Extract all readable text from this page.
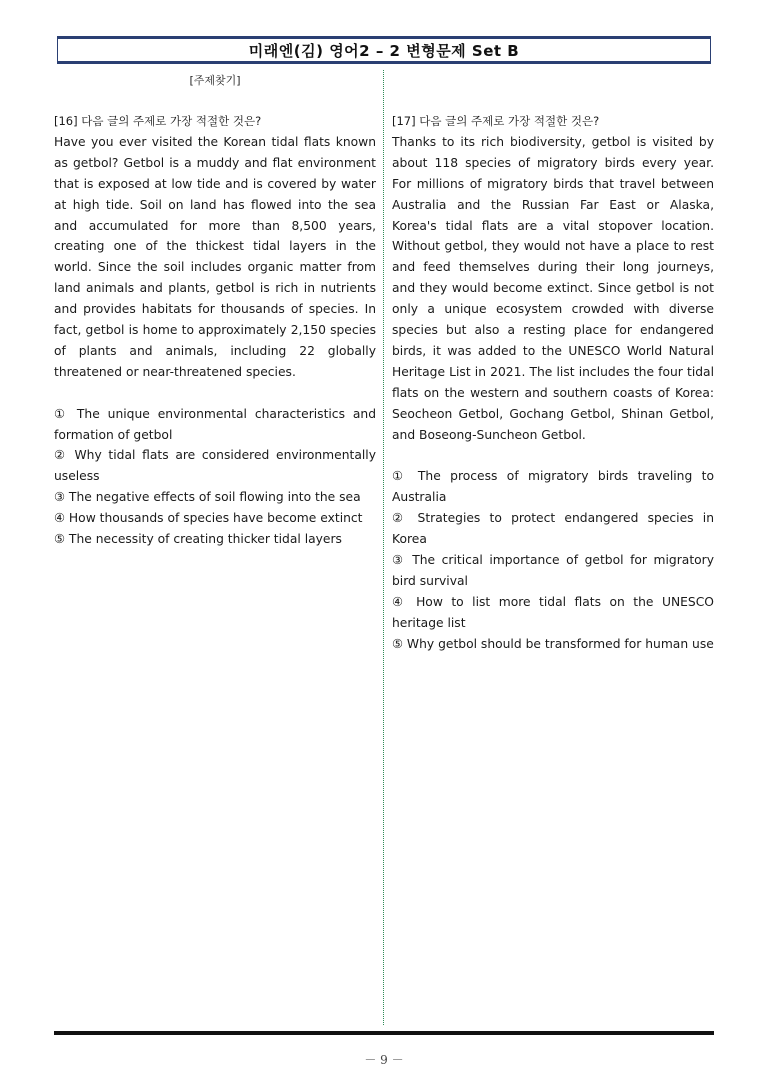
미래엔(김) 영어2 – 2 변형문제 Set B
[주제찾기]

[16] 다음 글의 주제로 가장 적절한 것은?

Have you ever visited the Korean tidal flats known as getbol? Getbol is a muddy and flat environment that is exposed at low tide and is covered by water at high tide. Soil on land has flowed into the sea and accumulated for more than 8,500 years, creating one of the thickest tidal layers in the world. Since the soil includes organic matter from land animals and plants, getbol is rich in nutrients and provides habitats for thousands of species. In fact, getbol is home to approximately 2,150 species of plants and animals, including 22 globally threatened or near-threatened species.

① The unique environmental characteristics and formation of getbol
② Why tidal flats are considered environmentally useless
③ The negative effects of soil flowing into the sea
④ How thousands of species have become extinct
⑤ The necessity of creating thicker tidal layers

[17] 다음 글의 주제로 가장 적절한 것은?

Thanks to its rich biodiversity, getbol is visited by about 118 species of migratory birds every year. For millions of migratory birds that travel between Australia and the Russian Far East or Alaska, Korea's tidal flats are a vital stopover location. Without getbol, they would not have a place to rest and feed themselves during their long journeys, and they would become extinct. Since getbol is not only a unique ecosystem crowded with diverse species but also a resting place for endangered birds, it was added to the UNESCO World Natural Heritage List in 2021. The list includes the four tidal flats on the western and southern coasts of Korea: Seocheon Getbol, Gochang Getbol, Shinan Getbol, and Boseong-Suncheon Getbol.

① The process of migratory birds traveling to Australia
② Strategies to protect endangered species in Korea
③ The critical importance of getbol for migratory bird survival
④ How to list more tidal flats on the UNESCO heritage list
⑤ Why getbol should be transformed for human use
－ 9 －
